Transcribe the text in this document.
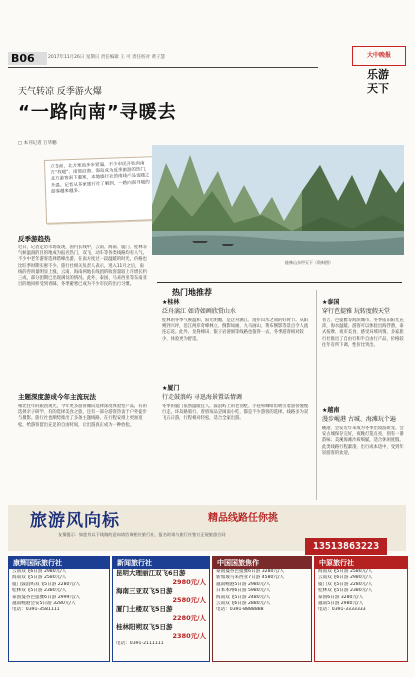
B06	2017年11月26日 星期日 责任编辑 王 可 责任校对 黄子慧	大中晚报
乐游
天下
天气转凉 反季游火爆
“一路向南”寻暖去
□ 本刊记者 万华鹏
立冬前，北方寒流步步紧逼，不少市民开始向南方“找暖”，南部沿海、海岛成为反季旅游的热门，北方游客南下避寒，本地旅行社的南线产品也随之升温。记者从多家旅行社了解到，一路向南寻暖的游客越来越多。
桂林山水甲天下（资料图）
反季游趋热
近日，记者走访市场发现，国内长线中，云南、海南、厦门、桂林等气候温润的目的地成为报名热门，双飞、动车等各类线路均有人气。不少中老年游客选择错峰出游，在南方度过一段温暖的时光，价格也比旺季时期实惠不少。旅行社相关负责人表示，进入11月之后，南线的咨询量明显上涨，云南、海南两地长线团的收客量较上月增长约三成，部分团期已出现满员的情况。此外，泰国、马来西亚等东南亚目的地同样受到青睐，冬季避寒已成为不少市民的出行习惯。
主题深度游成今年主流玩法
相比往年的跟团观光，今年更多游客倾向选择深度体验型产品，有的选择亲子研学，有的选择美食之旅，还有一部分游客热衷于户外徒步与摄影。旅行社也顺势推出了多条主题线路，在行程安排上更加宽松，给游客留出充足的自由时间，让出游真正成为一种放松。
热门地推荐
★桂林
泛舟漓江 如诗如画欣赏山水
桂林的冬季气候温和，阳光明媚，是泛舟漓江、漫步山水之间的好时节。从阳朔到兴坪，沿江两岸奇峰林立、倒影如画，九马画山、黄布倒影等景点令人流连忘返。此外，龙脊梯田、银子岩溶洞等线路也值得一去，冬季游客相对较少，体验更为舒适。
★厦门
行走鼓浪屿 寻迅海景置话情调
冬季的厦门依然温暖宜人，鼓浪屿上的老别墅、小巷和咖啡馆吸引着游客慢慢行走。环岛路骑行、曾厝垵品尝闽南小吃，都是不少游客的选择。线路多为双飞五日游，行程相对轻松，适合全家出游。
★泰国
穿行芭提雅 玩转度假天堂
普吉、芭提雅等海滨城市，冬季依旧阳光充沛，海水温暖。游客可以体验出海浮潜、泰式按摩、夜市美食，感受异域风情。多家旅行社推出了自由行和半自由行产品，价格较往年有所下调，性价比突出。
★越南
漫步岘港 古城、海滩玩个遍
岘港、会安近年来成为冬季出境游新宠。会安古城保存完好，夜晚灯笼点亮，别有一番韵味；美溪海滩沙质细腻，适合休闲度假。此类线路行程紧凑，出行成本适中，受到年轻游客的欢迎。
旅游风向标	精品线路任你挑
友情提示：如您有以下线路的意向请咨询相应旅行社，报名时请与旅行社签订正规旅游合同
13513863223
康辉国际旅行社
云南双飞6日游 2980元/人
海南双飞5日游 2580元/人
厦门鼓浪屿双飞5日游 2280元/人
桂林双飞5日游 2380元/人
泰国曼谷芭提雅6日游 2999元/人
越南岘港会安5日游 3280元/人
电话：0391-3581111
新闻旅行社
昆明大理丽江双飞6日游
2980元/人
海南三亚双飞5日游
2580元/人
厦门土楼双飞5日游
2280元/人
桂林阳朔双飞5日游
2380元/人
电话：0391-2111111
中国国旅焦作
泰国曼谷芭提雅6日游 3280元/人
新加坡马来西亚7日游 4580元/人
越南岘港5日游 2980元/人
日本本州6日游 5980元/人
海南双飞5日游 2480元/人
云南双飞6日游 2880元/人
电话：0391-8888888
中原旅行社
海南双飞5日游 2580元/人
云南双飞6日游 2980元/人
厦门双飞5日游 2280元/人
桂林双飞5日游 2380元/人
泰国6日游 3280元/人
越南5日游 2980元/人
电话：0391-3333333
